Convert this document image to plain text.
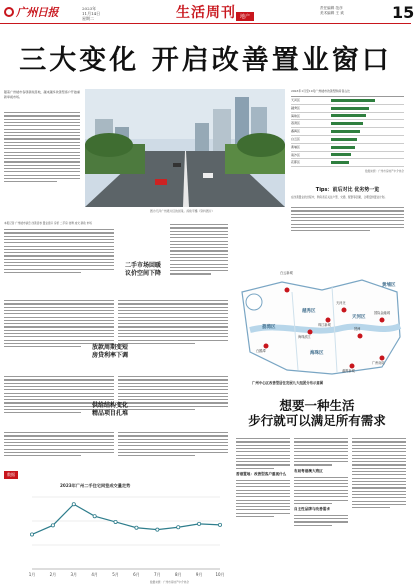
广州日报	2023年
11月14日
星期二	生活周刊 地产
责任编辑 范彦
美术编辑 王 欢	15
三大变化 开启改善置业窗口
随着广州楼市各项新政落地，越来越多改善型客户开始重新审视市场。
图为天河广州塔片区的街景。汤艳平摄（资料图片）
2023年1月至10月广州楼市改善型购房者占比
天河区
越秀区
海珠区
荔湾区
番禺区
白云区
黄埔区
南沙区
花都区
数据来源：广州市房地产中介协会
Tips：前后对比 优劣势一览
在改善置业的过程中，购房者应关注户型、交通、配套等因素，合理安排置业计划。
本报记者 广州楼市消息 改善需求 置业窗口 房价 二手房 挂牌 成交 新政 市场
二手市场回暖
议价空间下降
放款周期变短
房贷利率下调
供给结构变化
精品项目扎堆
白云新城
海珠滨江
天河北
广州南站
琶洲
国际金融城
白鹅潭
珠江新城
番禺新城
越秀区
天河区
荔湾区
海珠区
黄埔区
广州中心区改善型居住发展九大组团分布示意图
想要一种生活
步行就可以满足所有需求
香港置地：改善型客户重视什么
布局粤港澳大湾区
自主性品牌与改善需求
数据
2023年广州二手住宅网签成交量走势
数据来源：广州市房地产中介协会
1月	2月	3月	4月	5月	6月	7月	8月	9月	10月
